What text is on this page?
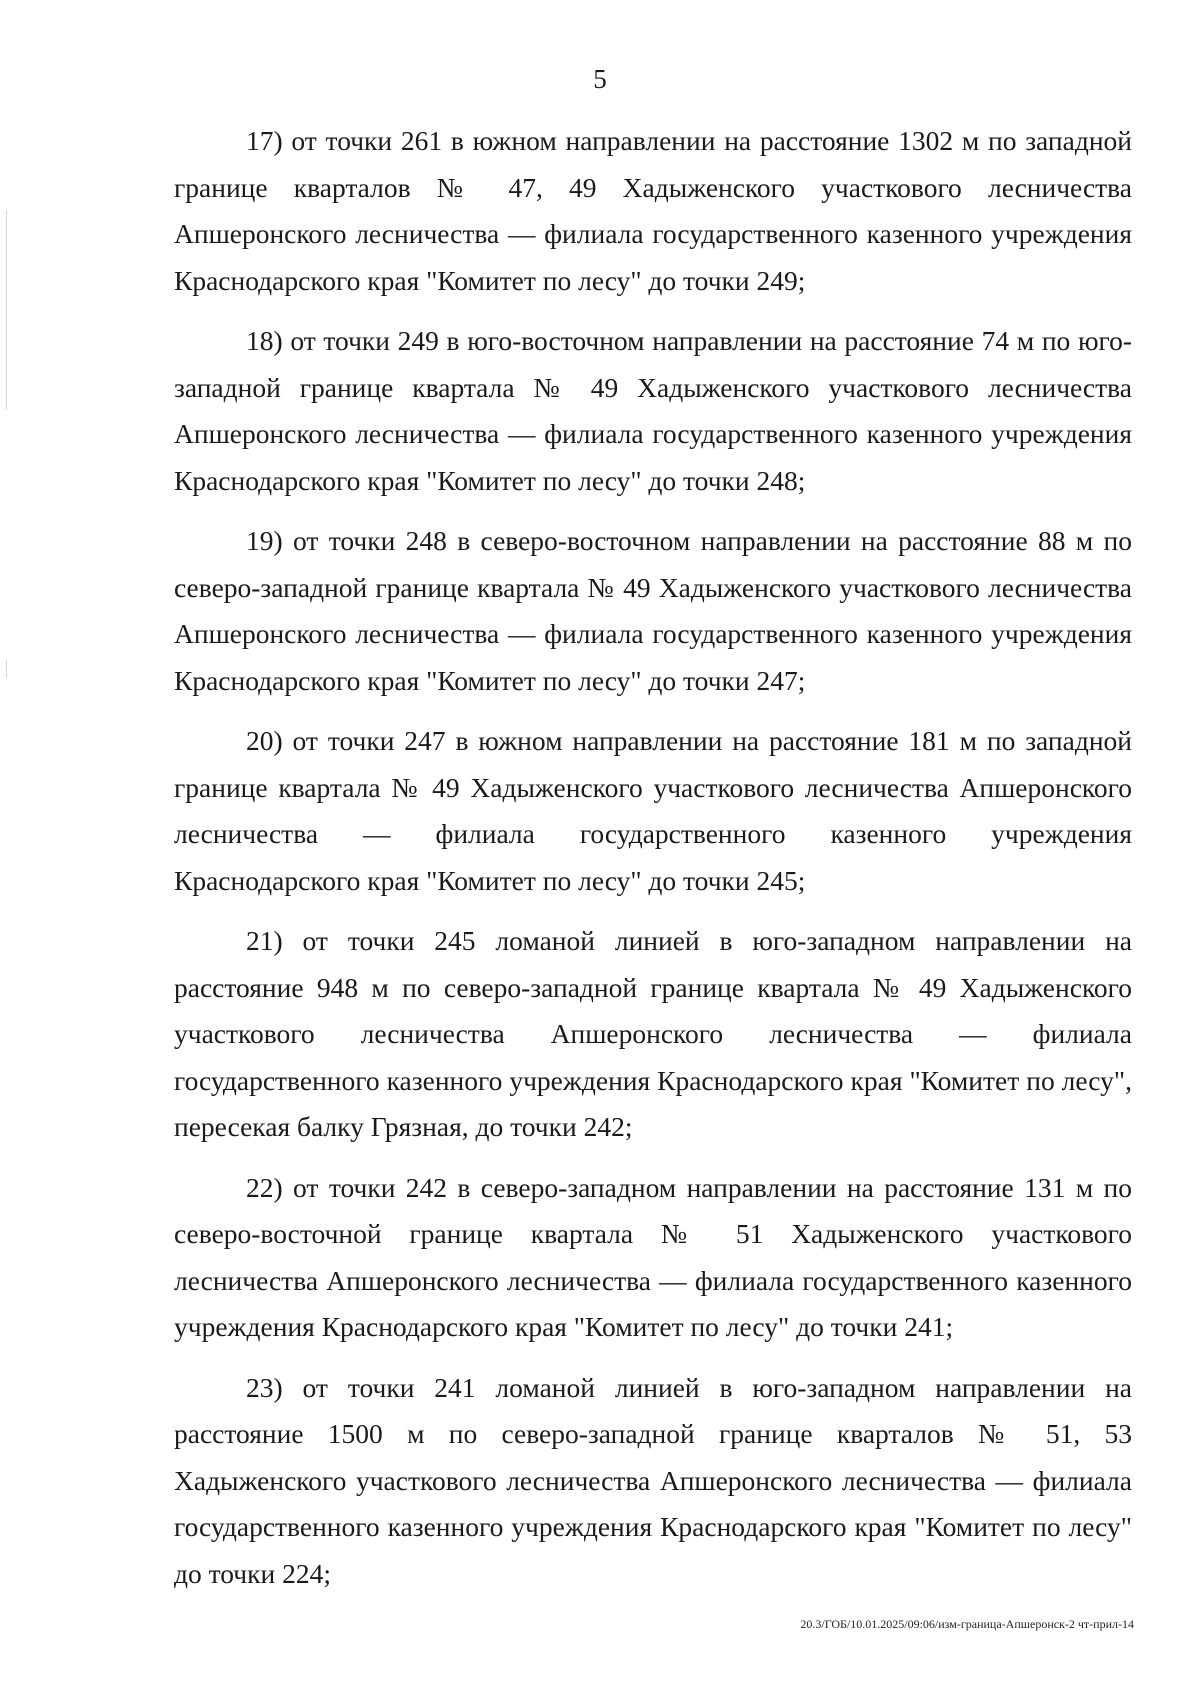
5

17) от точки 261 в южном направлении на расстояние 1302 м по западной границе кварталов № 47, 49 Хадыженского участкового лесничества Апшеронского лесничества — филиала государственного казенного учреждения Краснодарского края "Комитет по лесу" до точки 249;

18) от точки 249 в юго-восточном направлении на расстояние 74 м по юго-западной границе квартала № 49 Хадыженского участкового лесничества Апшеронского лесничества — филиала государственного казенного учреждения Краснодарского края "Комитет по лесу" до точки 248;

19) от точки 248 в северо-восточном направлении на расстояние 88 м по северо-западной границе квартала № 49 Хадыженского участкового лесничества Апшеронского лесничества — филиала государственного казенного учреждения Краснодарского края "Комитет по лесу" до точки 247;

20) от точки 247 в южном направлении на расстояние 181 м по западной границе квартала № 49 Хадыженского участкового лесничества Апшеронского лесничества — филиала государственного казенного учреждения Краснодарского края "Комитет по лесу" до точки 245;

21) от точки 245 ломаной линией в юго-западном направлении на расстояние 948 м по северо-западной границе квартала № 49 Хадыженского участкового лесничества Апшеронского лесничества — филиала государственного казенного учреждения Краснодарского края "Комитет по лесу", пересекая балку Грязная, до точки 242;

22) от точки 242 в северо-западном направлении на расстояние 131 м по северо-восточной границе квартала № 51 Хадыженского участкового лесничества Апшеронского лесничества — филиала государственного казенного учреждения Краснодарского края "Комитет по лесу" до точки 241;

23) от точки 241 ломаной линией в юго-западном направлении на расстояние 1500 м по северо-западной границе кварталов № 51, 53 Хадыженского участкового лесничества Апшеронского лесничества — филиала государственного казенного учреждения Краснодарского края "Комитет по лесу" до точки 224;

20.3/ГОБ/10.01.2025/09:06/изм-граница-Апшеронск-2 чт-прил-14
